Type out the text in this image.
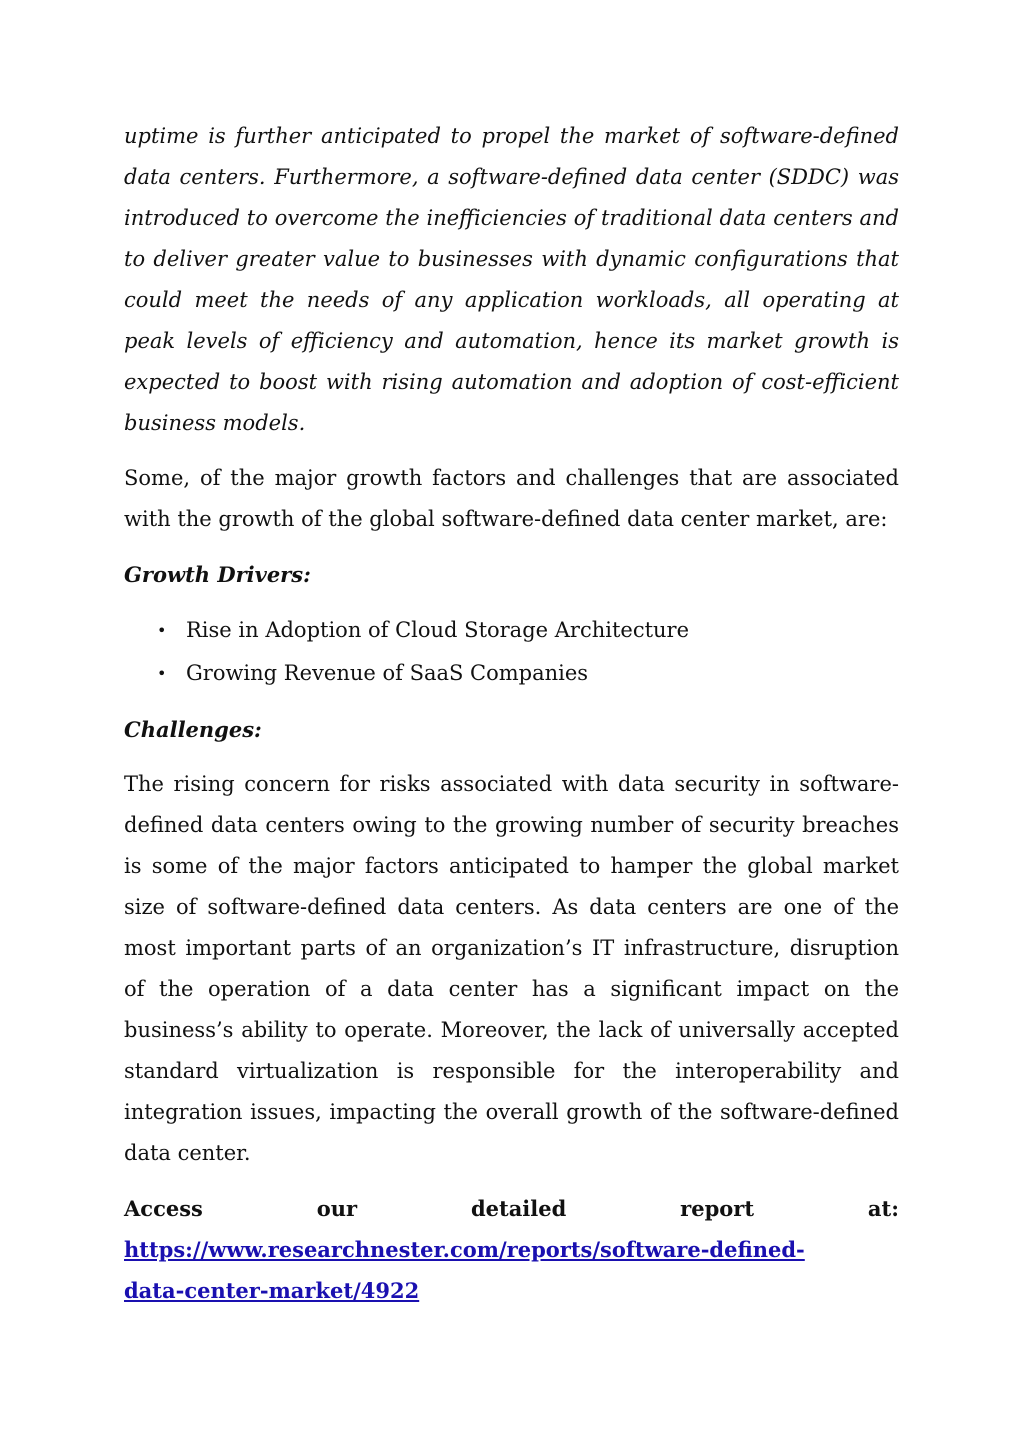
uptime is further anticipated to propel the market of software-defined data centers. Furthermore, a software-defined data center (SDDC) was introduced to overcome the inefficiencies of traditional data centers and to deliver greater value to businesses with dynamic configurations that could meet the needs of any application workloads, all operating at peak levels of efficiency and automation, hence its market growth is expected to boost with rising automation and adoption of cost-efficient business models.

Some, of the major growth factors and challenges that are associated with the growth of the global software-defined data center market, are:

Growth Drivers:

• Rise in Adoption of Cloud Storage Architecture
• Growing Revenue of SaaS Companies

Challenges:

The rising concern for risks associated with data security in software-defined data centers owing to the growing number of security breaches is some of the major factors anticipated to hamper the global market size of software-defined data centers. As data centers are one of the most important parts of an organization’s IT infrastructure, disruption of the operation of a data center has a significant impact on the business’s ability to operate. Moreover, the lack of universally accepted standard virtualization is responsible for the interoperability and integration issues, impacting the overall growth of the software-defined data center.

Access our detailed report at:

https://www.researchnester.com/reports/software-defined-
data-center-market/4922
